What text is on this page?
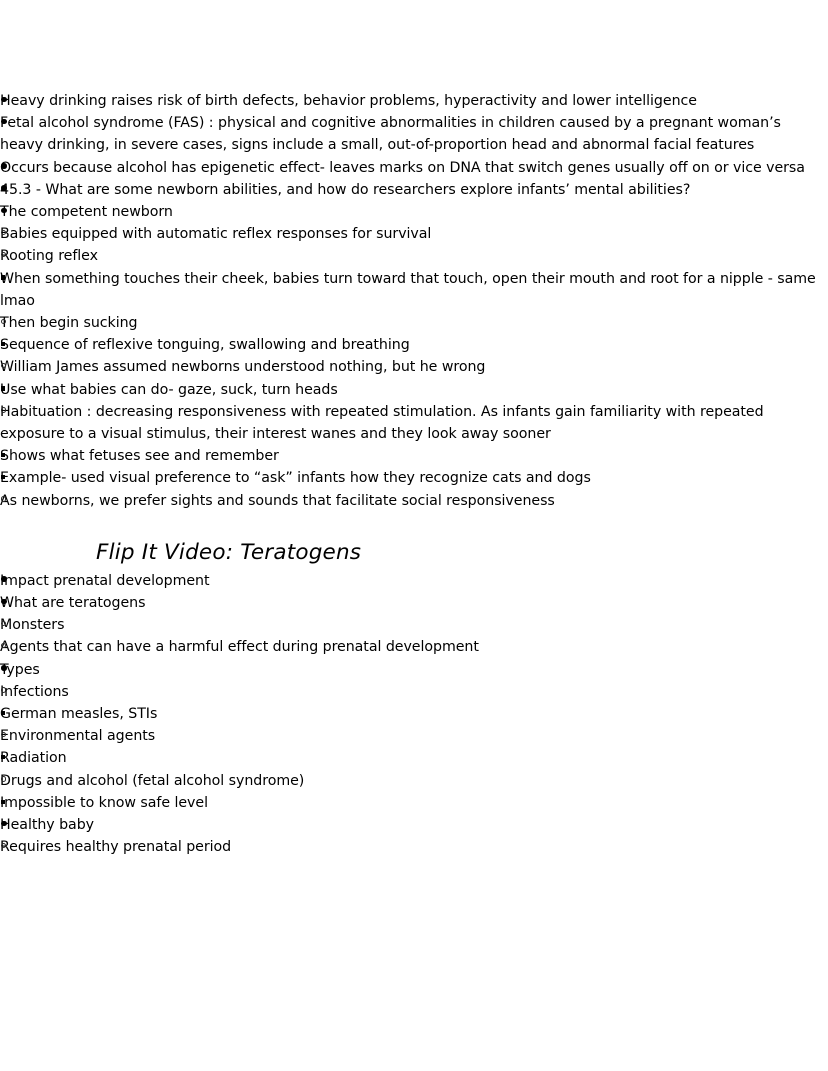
Heavy drinking raises risk of birth defects, behavior problems, hyperactivity and lower intelligence
Fetal alcohol syndrome (FAS) : physical and cognitive abnormalities in children caused by a pregnant woman’s heavy drinking, in severe cases, signs include a small, out-of-proportion head and abnormal facial features
Occurs because alcohol has epigenetic effect- leaves marks on DNA that switch genes usually off on or vice versa
45.3 - What are some newborn abilities, and how do researchers explore infants’ mental abilities?
The competent newborn
Babies equipped with automatic reflex responses for survival
Rooting reflex
When something touches their cheek, babies turn toward that touch, open their mouth and root for a nipple - same lmao
Then begin sucking
Sequence of reflexive tonguing, swallowing and breathing
William James assumed newborns understood nothing, but he wrong
Use what babies can do- gaze, suck, turn heads
Habituation : decreasing responsiveness with repeated stimulation. As infants gain familiarity with repeated exposure to a visual stimulus, their interest wanes and they look away sooner
Shows what fetuses see and remember
Example- used visual preference to “ask” infants how they recognize cats and dogs
As newborns, we prefer sights and sounds that facilitate social responsiveness
Flip It Video: Teratogens
Impact prenatal development
What are teratogens
Monsters
Agents that can have a harmful effect during prenatal development
Types
Infections
German measles, STIs
Environmental agents
Radiation
Drugs and alcohol (fetal alcohol syndrome)
Impossible to know safe level
Healthy baby
Requires healthy prenatal period
